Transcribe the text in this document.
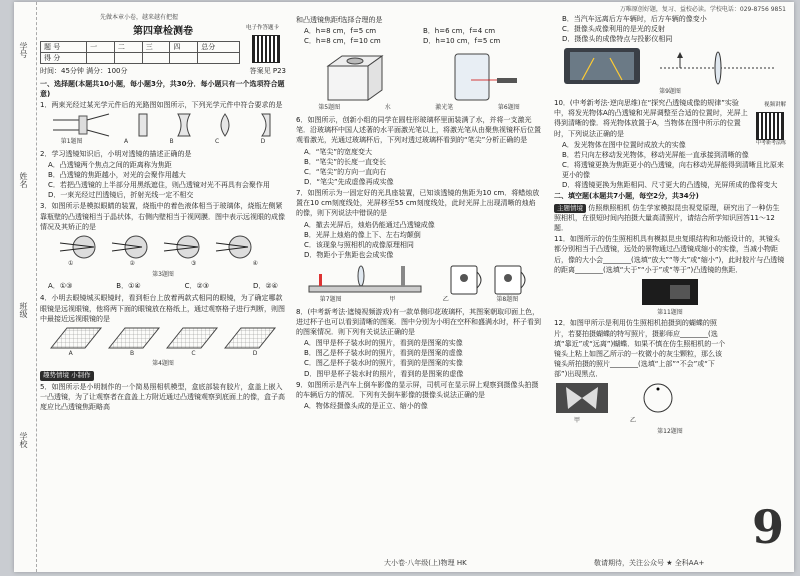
学号
姓名
班级
学校
万唯原创好题，复习、益校必读。学校电话：029-8756 9851
先做本章小卷，越来越有把握
第四章检测卷
题 号	一	二	三	四	总分
得 分					
电子作答题卡
时间：45分钟 满分：100分	答案见 P23
一、选择题(本题共10小题，每小题3分，共30分．每小题只有一个选项符合题意)
1．两束光经过某光学元件后的光路图如图所示，下列光学元件中符合要求的是
第1题图	A	B	C	D
2．学习透镜知识后，小明对透镜的描述正确的是
A．凸透镜两个焦点之间的距离称为焦距
B．凸透镜的焦距越小，对光的会聚作用越大
C．若把凸透镜的上半部分用黑纸遮住，则凸透镜对光不再具有会聚作用
D．一束光经过凹透镜后，折射光线一定不相交
3．如图所示是模拟眼睛的装置，烧瓶中的着色液体相当于玻璃体，烧瓶左侧紧靠瓶壁的凸透镜相当于晶状体，右侧内壁相当于视网膜．图中表示远视眼的成像情况及其矫正的是
①	②	③	④
第3题图
A．①③	B．①④	C．②③	D．②④
4．小明去眼镜城买眼镜时，看到柜台上放着两款式相同的眼镜，为了确定哪款眼镜是远视眼镜，他将两下面的眼镜放在格纸上，通过观察格子进行判断，则图中最接近远视眼镜的是
A	B	C	D
第4题图
趣势情境 小制作
5．如图所示是小明制作的一个简易照相机模型，盒底部装有胶片，盒盖上嵌入一凸透镜，为了让观察者在盒盖上方附近通过凸透镜观察到底面上的像，盒子高度应比凸透镜焦距略高
和凸透镜焦距f选择合理的是
A．h=8 cm，f=5 cm	B．h=6 cm，f=4 cm
C．h=8 cm，f=10 cm	D．h=10 cm，f=5 cm
第5题图	水	激光笔	第6题图
6．如图所示，创新小组的同学在圆柱形玻璃杯里面装满了水，并将一支激光笔．沿玻璃杯中国人述著的水平面激光笔以上，将激光笔从由聚焦视镜杯后位置观看激光，光通过玻璃杯后，下列对透过玻璃杯看到的“笔尖”分析正确的是
A．“笔尖”的宽度变大
B．“笔尖”的长度一直变长
C．“笔尖”的方向一直向右
D．“笔尖”先成虚像再成实像
7．如图所示为一固定好的光具座装置，已知该透镜的焦距为10 cm．将蜡烛放置在10 cm刻度线处，光屏移至55 cm刻度线处，此时光屏上出现清晰的烛焰的像，则下列说法中错误的是
A．撤去光屏后，烛焰仍能通过凸透镜成像
B．光屏上烛焰的像上下、左右均颠倒
C．该现象与照相机的成像原理相同
D．物距小于焦距也会成实像
第7题图	甲	乙	第8题图
8．(中考新考法·遮镜视频游戏)有一款单侧印花玻璃杯，其图案朝取印面上色，进过杯子也可以看到清晰的图案．图中分别为小明在空杯和盛满水时，杯子看到的图案情况．则下列有关说法正确的是
A．图甲是杯子装水时的照片，看到的是图案的实像
B．图乙是杯子装水时的照片，看到的是图案的虚像
C．图乙是杯子装水时的照片，看到的是图案的实像
D．图甲是杯子装水时的照片，看到的是图案的虚像
9．如图所示是汽车上倒车影像的显示屏，司机可在显示屏上观察到摄像头拍摄的车辆后方的情况．下列有关倒车影像的摄像头说法正确的是
A．物体经摄像头成的是正立、缩小的像
大小卷·八年级(上)物理 HK
B．当汽车远离后方车辆时，后方车辆的像变小
C．摄像头成像利用的是光的反射
D．摄像头的成像特点与投影仪相同
第9题图
10．(中考新考法·逆向思维)在“探究凸透镜成像的规律”实验中，将发光物体A的凸透镜和光屏调整至合适的位置时，光屏上得到清晰的像．将光物体放置于A，当物体在图中所示的位置时，下列说法正确的是
视频讲解
中考新考法练
A．发光物体在图中位置时成放大的实像
B．若只向左移动发光物体，移动光屏能一直承接到清晰的像
C．将透镜更换为焦距更小的凸透镜，向右移动光屏能得到清晰且比原来更小的像
D．将透镜更换为焦距相同、尺寸更大的凸透镜，光屏所成的像将变大
二、填空题(本题共7小题，每空2分，共34分)
主题情境 仿照鼎照相机 仿生学家模拟昆虫视觉原理，研究出了一种仿生照相机，在很短时间内拍摄大量高清照片，请结合所学知识回答11～12题．
11．如图所示的仿生照相机具有模拟昆虫复眼结构和功能设计的，其镜头都分别相当于凸透镜，远处的景物通过凸透镜成缩小的实像，当减小物距后，像的大小会________(选填“放大”“等大”或“缩小”)，此时胶片与凸透镜的距离________(选填“大于”“小于”或“等于”)凸透镜的焦距．
第11题图
12．如图甲所示是利用仿生照相机拍摄到的蝴蝶的照片，若要拍摄蝴蝶的特写照片，摄影师应________(选填“靠近”或“远离”)蝴蝶．如果不慎在仿生照相机的一个镜头上粘上如图乙所示的一枚微小的灰尘颗粒，那么该镜头所拍摄的照片________(选填“上部”“不会”或“下部”)出现黑点．
甲	乙
第12题图
9
敬请期待，关注公众号 ★ 全科AA+
